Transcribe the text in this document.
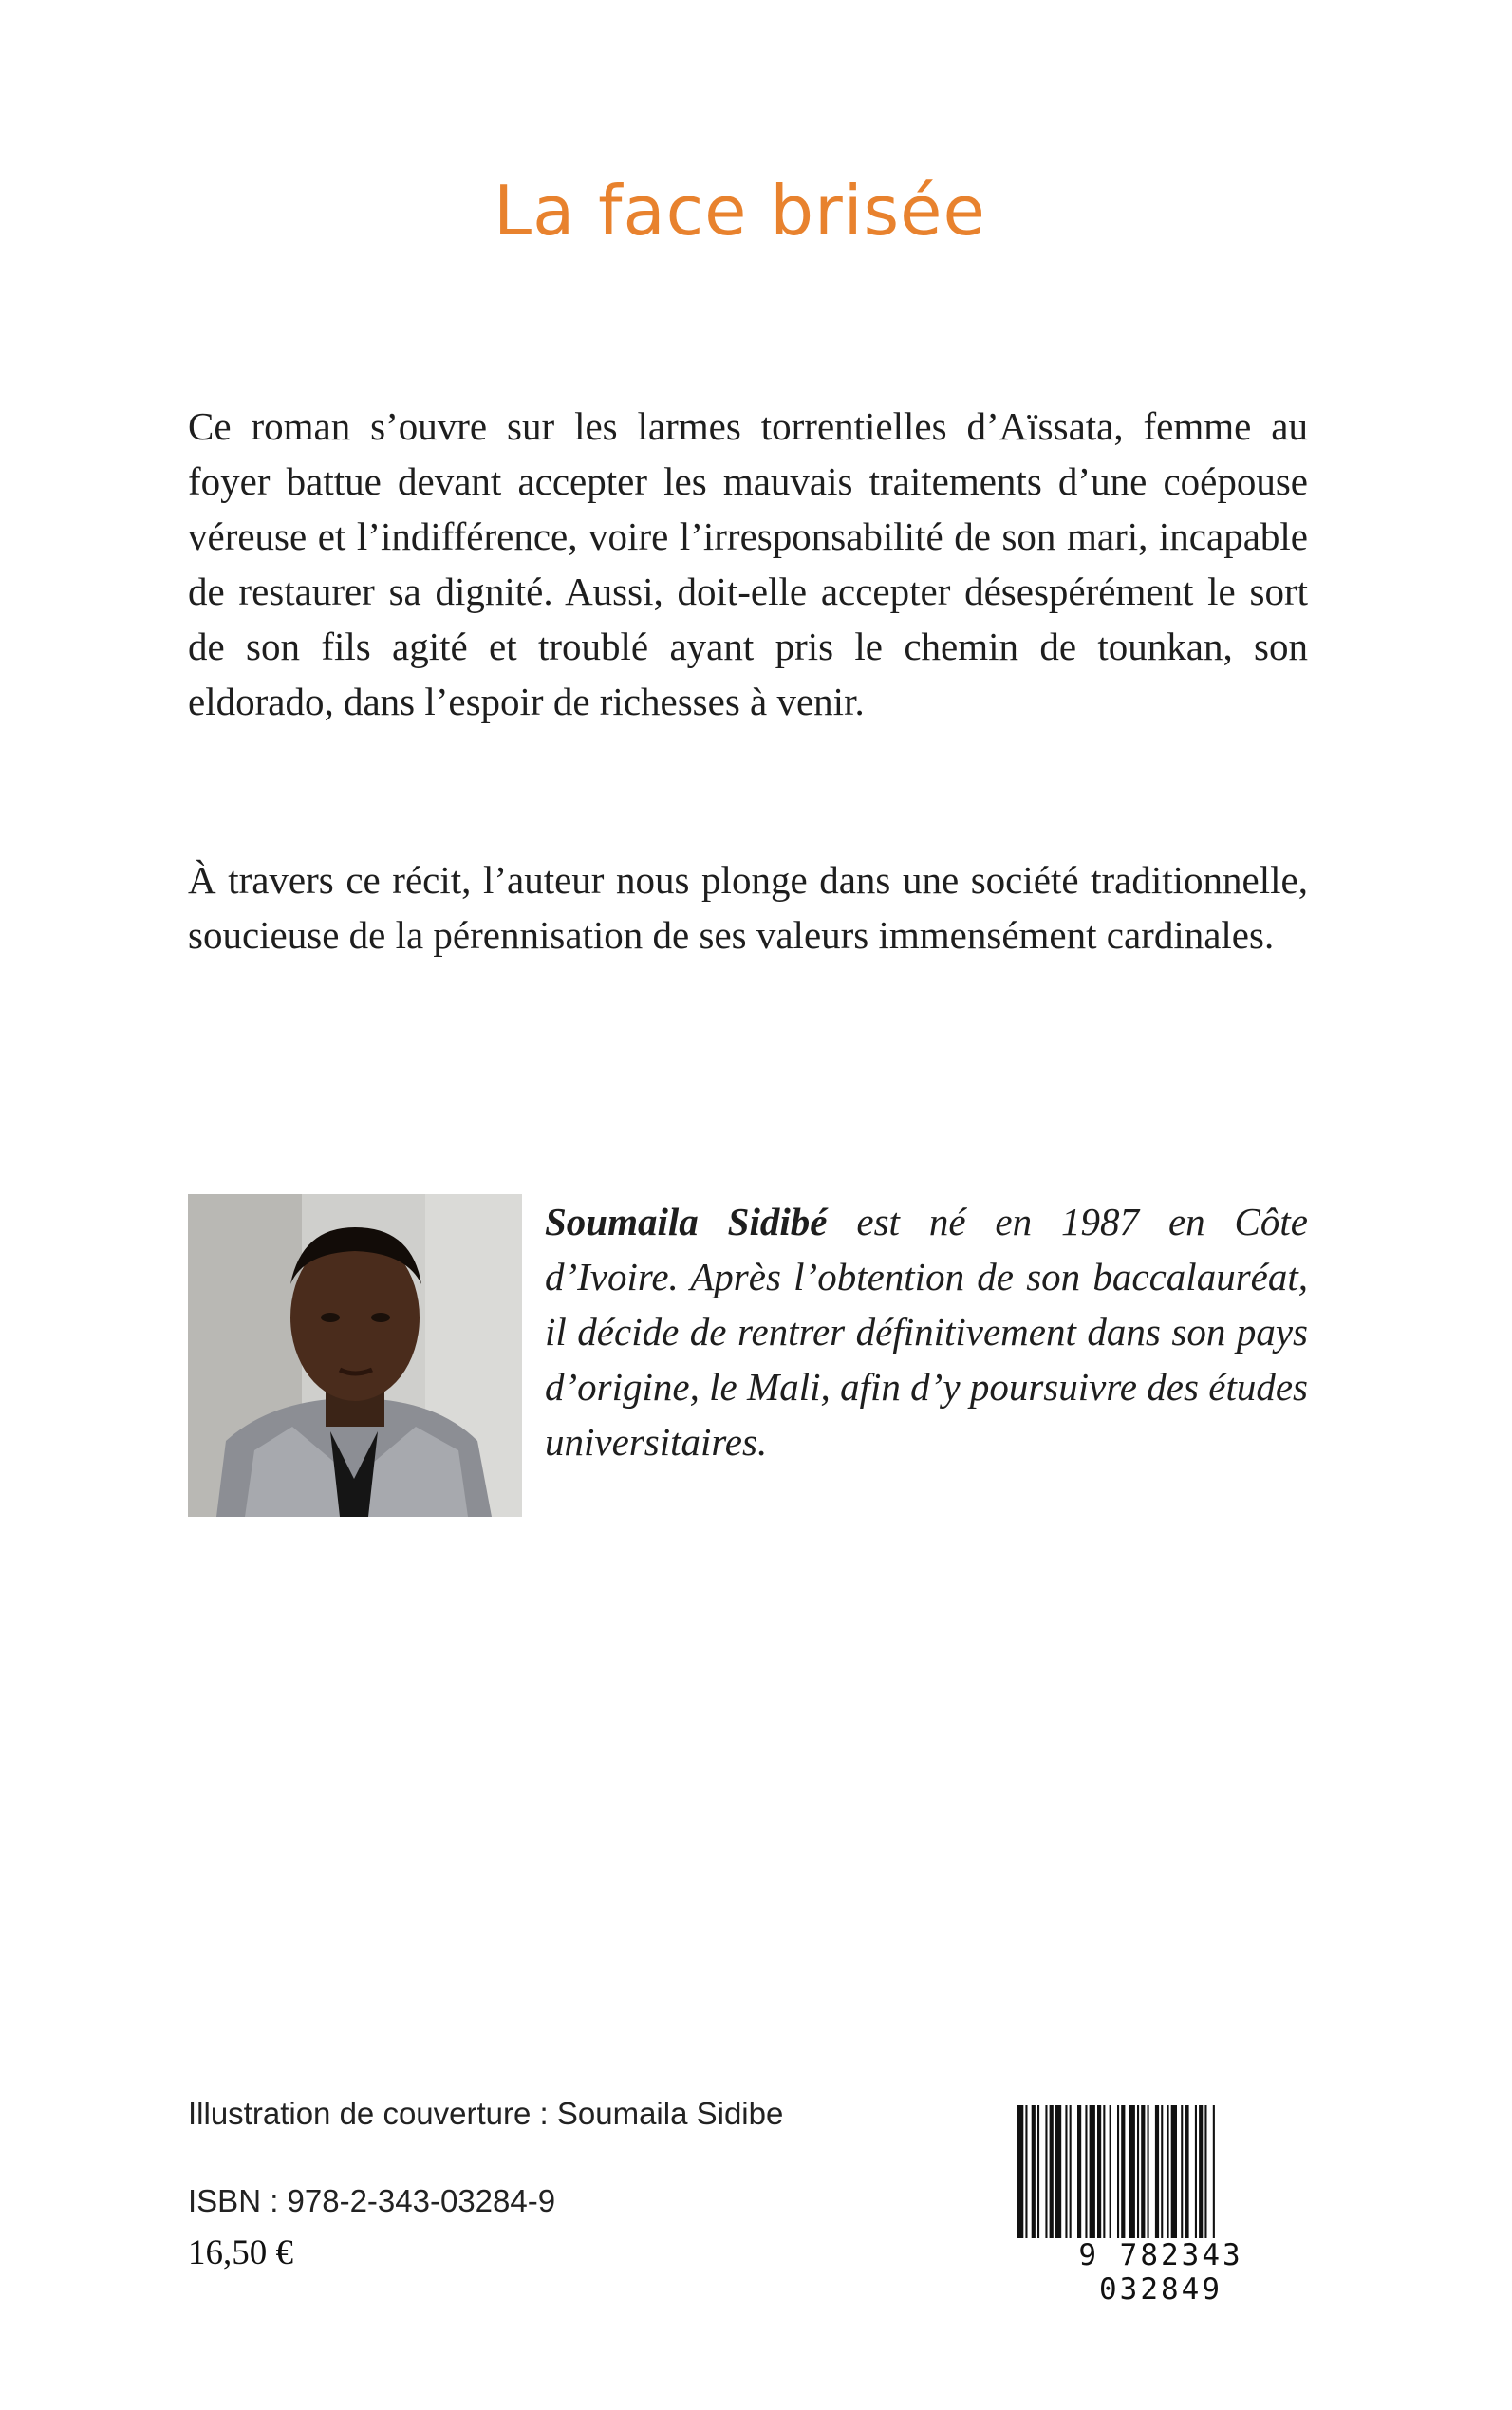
La face brisée

Ce roman s’ouvre sur les larmes torrentielles d’Aïssata, femme au foyer battue devant accepter les mauvais traitements d’une coépouse véreuse et l’indifférence, voire l’irresponsabilité de son mari, incapable de restaurer sa dignité. Aussi, doit-elle accepter désespérément le sort de son fils agité et troublé ayant pris le chemin de tounkan, son eldorado, dans l’espoir de richesses à venir.

À travers ce récit, l’auteur nous plonge dans une société traditionnelle, soucieuse de la pérennisation de ses valeurs immensément cardinales.

Soumaila Sidibé est né en 1987 en Côte d’Ivoire. Après l’obtention de son baccalauréat, il décide de rentrer définitivement dans son pays d’origine, le Mali, afin d’y poursuivre des études universitaires.

Illustration de couverture : Soumaila Sidibe
ISBN : 978-2-343-03284-9
16,50 €	9 782343 032849
